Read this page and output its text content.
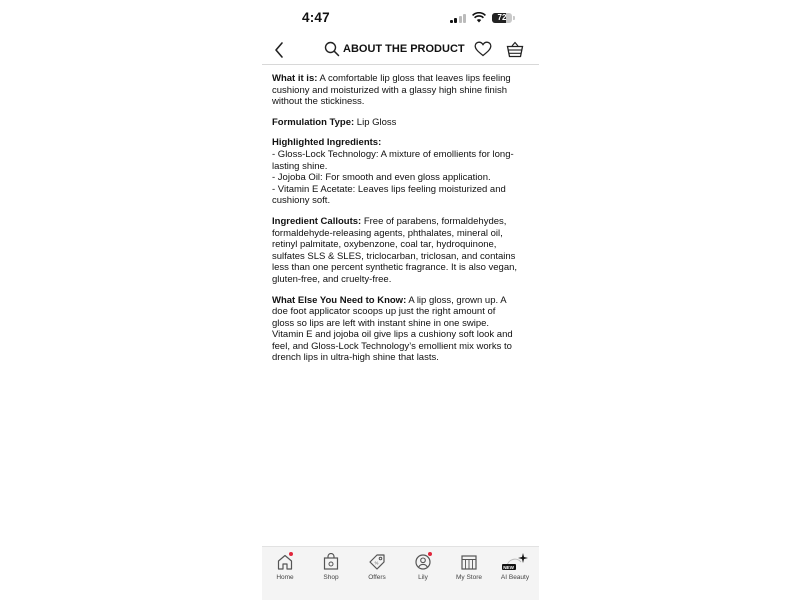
4:47	72
ABOUT THE PRODUCT
What it is: A comfortable lip gloss that leaves lips feeling
cushiony and moisturized with a glassy high shine finish
without the stickiness.
Formulation Type: Lip Gloss
Highlighted Ingredients:
- Gloss-Lock Technology: A mixture of emollients for long-
lasting shine.
- Jojoba Oil: For smooth and even gloss application.
- Vitamin E Acetate: Leaves lips feeling moisturized and
cushiony soft.
Ingredient Callouts: Free of parabens, formaldehydes,
formaldehyde-releasing agents, phthalates, mineral oil,
retinyl palmitate, oxybenzone, coal tar, hydroquinone,
sulfates SLS & SLES, triclocarban, triclosan, and contains
less than one percent synthetic fragrance. It is also vegan,
gluten-free, and cruelty-free.
What Else You Need to Know: A lip gloss, grown up. A
doe foot applicator scoops up just the right amount of
gloss so lips are left with instant shine in one swipe.
Vitamin E and jojoba oil give lips a cushiony soft look and
feel, and Gloss-Lock Technology’s emollient mix works to
drench lips in ultra-high shine that lasts.
Home	Shop
%
Offers	Lily	My Store
NEW
AI Beauty
